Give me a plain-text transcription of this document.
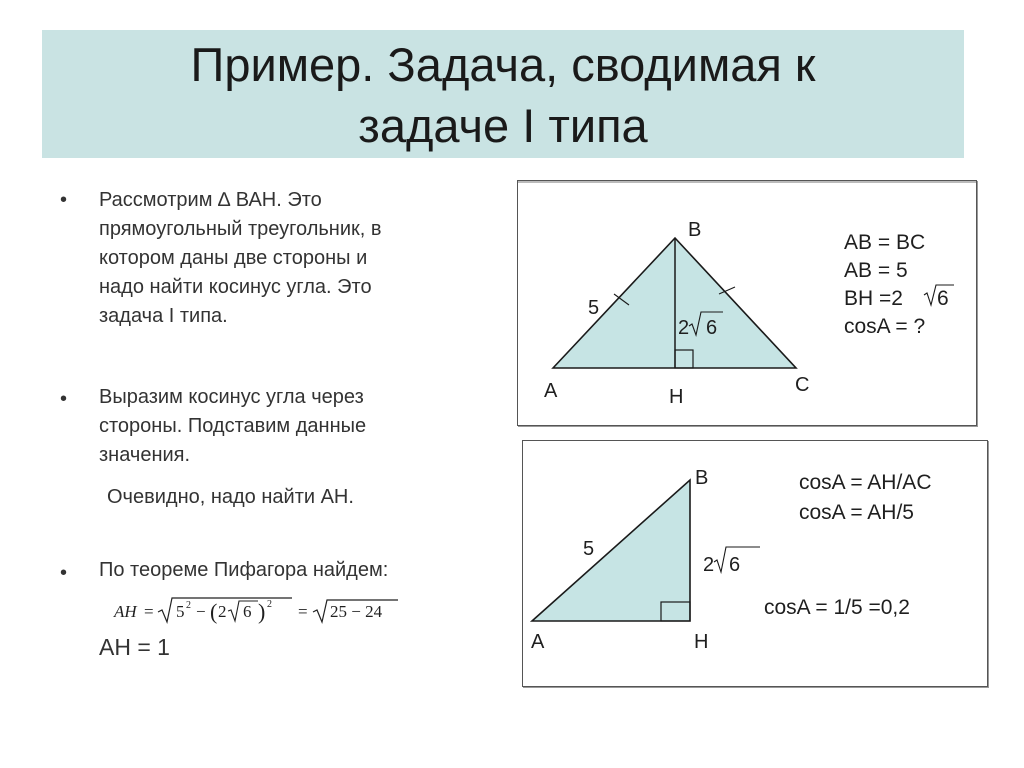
Пример. Задача, сводимая к
задаче I типа
• Рассмотрим ∆ ВАН. Это
прямоугольный треугольник, в
котором даны две стороны и
надо найти косинус угла. Это
задача I типа.
• Выразим косинус угла через
стороны. Подставим данные
значения.
Очевидно, надо найти АН.
• По теореме Пифагора найдем:
AH = 5 2 − ( 2 6 ) 2 = 25 − 24
AH = 1
A
B
C
H
5
2 6
AB = BC
AB = 5
BH =2 6
cosA = ?
A
B
H
5
2 6
cosA = AH/AC
cosA = AH/5
cosA = 1/5 =0,2
